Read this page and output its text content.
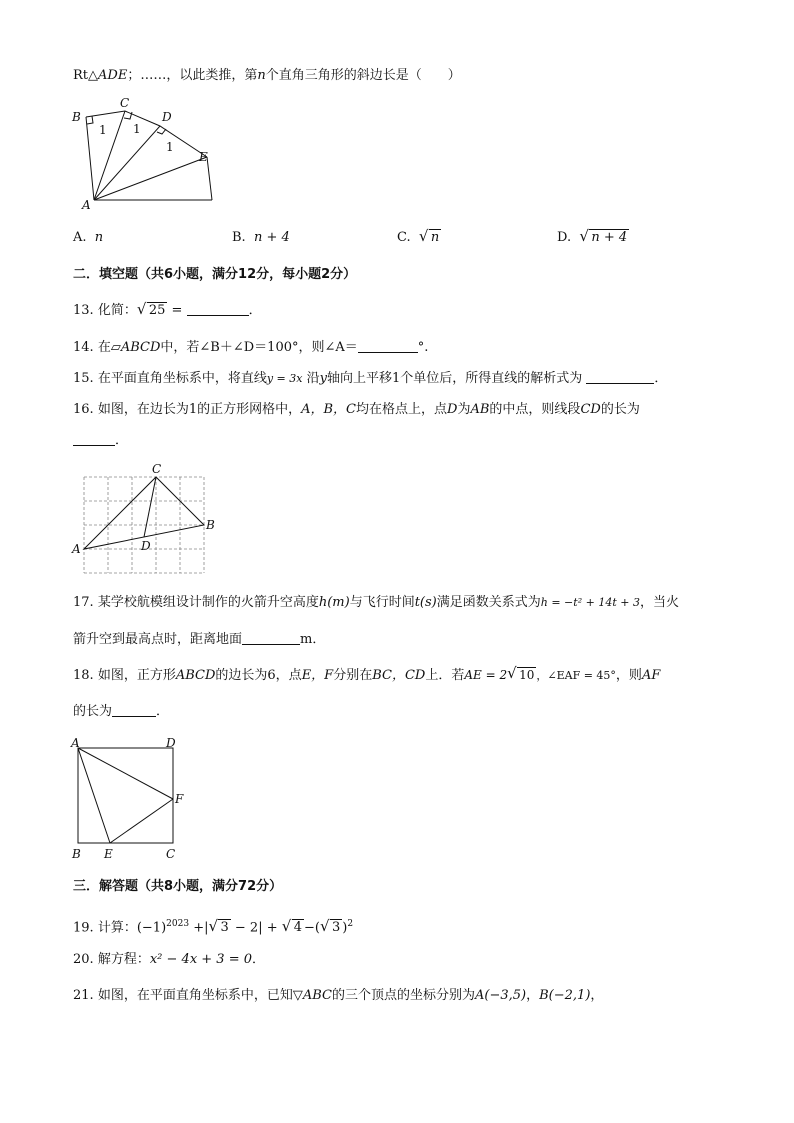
Rt△ADE；……，以此类推，第n个直角三角形的斜边长是（　　）
B
C
D
E
A
1 1
1
A. n	B. n + 4	C. √ n	D. √ n + 4
二．填空题（共6小题，满分12分，每小题2分）
13. 化简： √ 25 =	．
14. 在▱ABCD中，若∠B＋∠D＝100°，则∠A＝	°.
15. 在平面直角坐标系中，将直线y = 3x 沿y轴向上平移1个单位后，所得直线的解析式为	．
16. 如图，在边长为1的正方形网格中，A，B，C均在格点上，点D为AB的中点，则线段CD的长为
．
C
B
A	D
17. 某学校航模组设计制作的火箭升空高度h(m)与飞行时间t(s)满足函数关系式为h = −t² + 14t + 3，当火
箭升空到最高点时，距离地面	m．
18. 如图，正方形ABCD的边长为6，点E，F分别在BC，CD上．若AE = 2 √ 10 ，∠EAF = 45°，则AF
的长为	．
A	D
F
B E	C
三．解答题（共8小题，满分72分）
19. 计算：$(-1)^{2023}$ +| √ 3 − 2| + √ 4 −( √ 3 )$^2$
20. 解方程：x² − 4x + 3 = 0．
21. 如图，在平面直角坐标系中，已知▽ABC的三个顶点的坐标分别为A(−3,5)，B(−2,1)，
